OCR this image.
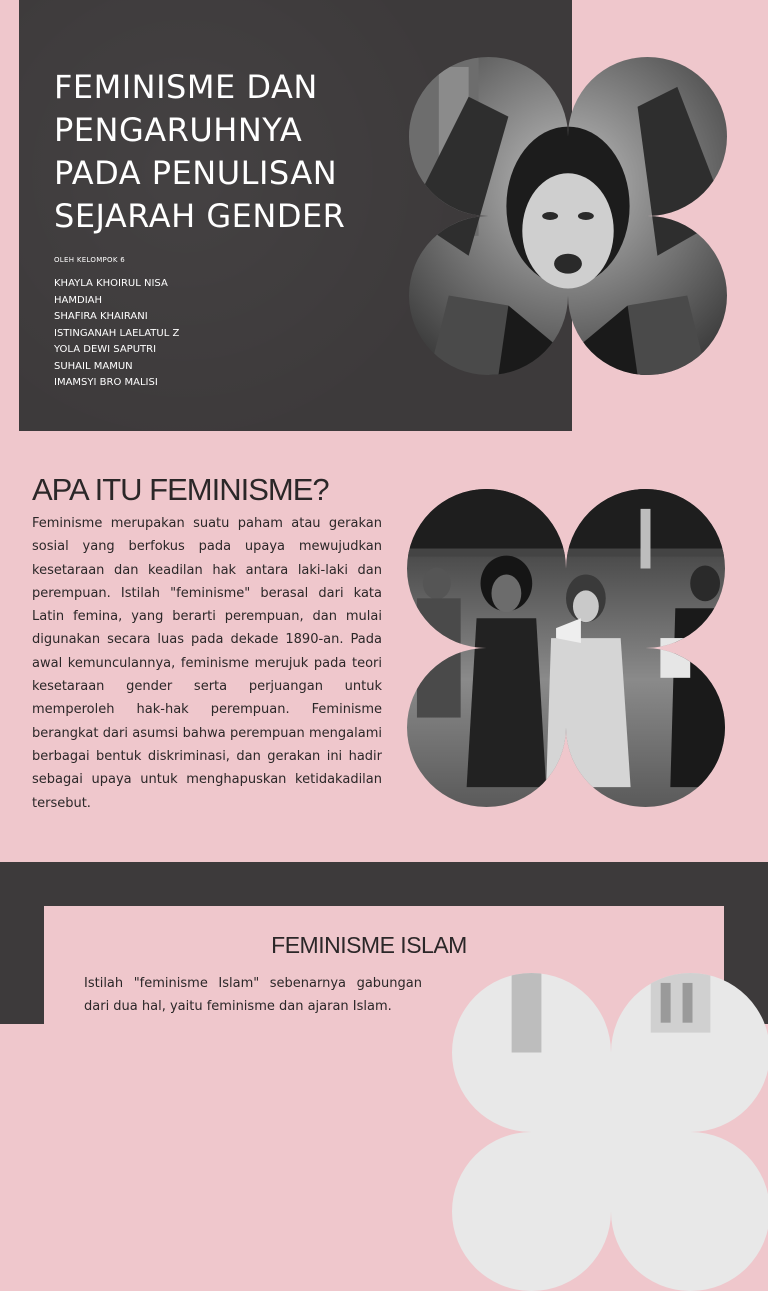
FEMINISME DAN
PENGARUHNYA
PADA PENULISAN
SEJARAH GENDER
OLEH KELOMPOK 6
KHAYLA KHOIRUL NISA
HAMDIAH
SHAFIRA KHAIRANI
ISTINGANAH LAELATUL Z
YOLA DEWI SAPUTRI
SUHAIL MAMUN
IMAMSYI BRO MALISI
APA ITU FEMINISME?

Feminisme merupakan suatu paham atau gerakan sosial yang berfokus pada upaya mewujudkan kesetaraan dan keadilan hak antara laki-laki dan perempuan. Istilah "feminisme" berasal dari kata Latin femina, yang berarti perempuan, dan mulai digunakan secara luas pada dekade 1890-an. Pada awal kemunculannya, feminisme merujuk pada teori kesetaraan gender serta perjuangan untuk memperoleh hak-hak perempuan. Feminisme berangkat dari asumsi bahwa perempuan mengalami berbagai bentuk diskriminasi, dan gerakan ini hadir sebagai upaya untuk menghapuskan ketidakadilan tersebut.

FEMINISME ISLAM

Istilah "feminisme Islam" sebenarnya gabungan dari dua hal, yaitu feminisme dan ajaran Islam.
